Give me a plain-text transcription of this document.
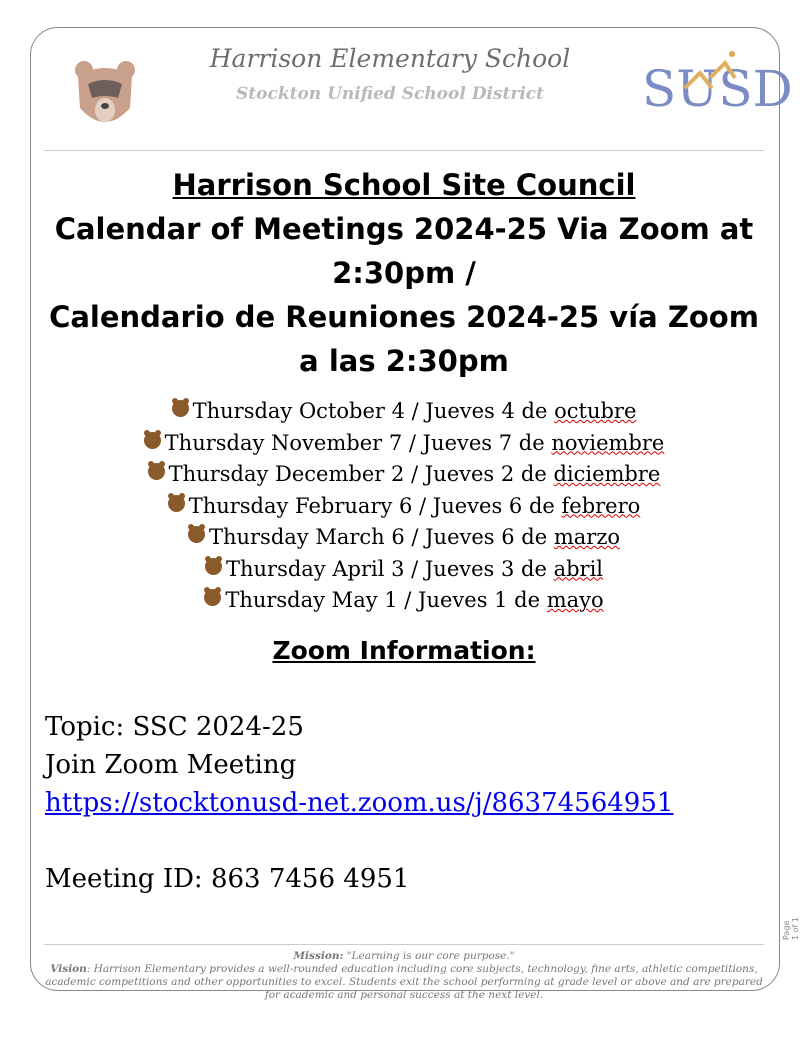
Harrison Elementary School
Stockton Unified School District	SUSD
Harrison School Site Council
Calendar of Meetings 2024-25 Via Zoom at 2:30pm /
Calendario de Reuniones 2024-25 vía Zoom a las 2:30pm
Thursday October 4 / Jueves 4 de octubre
Thursday November 7 / Jueves 7 de noviembre
Thursday December 2 / Jueves 2 de diciembre
Thursday February 6 / Jueves 6 de febrero
Thursday March 6 / Jueves 6 de marzo
Thursday April 3 / Jueves 3 de abril
Thursday May 1 / Jueves 1 de mayo
Zoom Information:
Topic: SSC 2024-25
Join Zoom Meeting
https://stocktonusd-net.zoom.us/j/86374564951

Meeting ID: 863 7456 4951
Mission: "Learning is our core purpose."
Vision: Harrison Elementary provides a well-rounded education including core subjects, technology, fine arts, athletic competitions, academic competitions and other opportunities to excel. Students exit the school performing at grade level or above and are prepared for academic and personal success at the next level.
Page 1 of 1
